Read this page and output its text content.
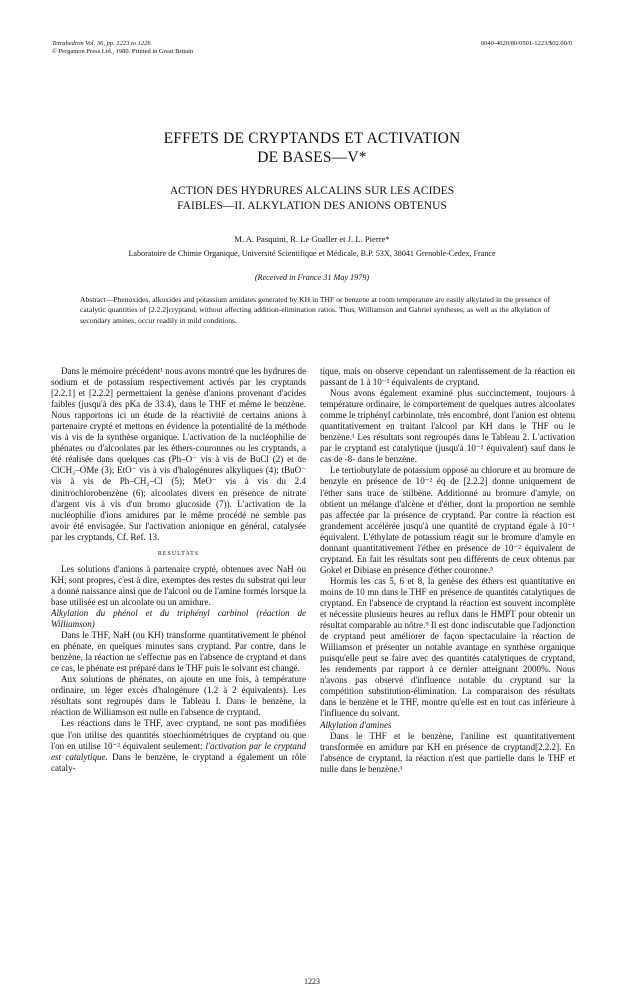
Tetrahedron Vol. 36, pp. 1223 to 1226
© Pergamon Press Ltd., 1980. Printed in Great Britain
0040-4020/80/0501-1223/$02.00/0
EFFETS DE CRYPTANDS ET ACTIVATION
DE BASES—V*
ACTION DES HYDRURES ALCALINS SUR LES ACIDES
FAIBLES—II. ALKYLATION DES ANIONS OBTENUS
M. A. Pasquini, R. Le Goaller et J. L. Pierre*
Laboratoire de Chimie Organique, Université Scientifique et Médicale, B.P. 53X, 38041 Grenoble-Cedex, France
(Received in France 31 May 1979)
Abstract—Phenoxides, alkoxides and potassium amidates generated by KH in THF or benzene at room temperature are easily alkylated in the presence of catalytic quantities of [2.2.2]cryptand, without affecting addition-elimination ratios. Thus, Williamson and Gabriel syntheses, as well as the alkylation of secondary amines, occur readily in mild conditions.

Dans le mémoire précédent¹ nous avons montré que les hydrures de sodium et de potassium respectivement activés par les cryptands [2.2.1] et [2.2.2] permettaient la genèse d'anions provenant d'acides faibles (jusqu'à des pKa de 33.4), dans le THF et même le benzène. Nous rapportons ici un étude de la réactivité de certains anions à partenaire crypté et mettons en évidence la potentialité de la méthode vis à vis de la synthèse organique. L'activation de la nucléophilie de phénates ou d'alcoolates par les éthers-couronnes ou les cryptands, a été réalisée dans quelques cas (Ph–O⁻ vis à vis de BuCl (2) et de ClCH₂–OMe (3); EtO⁻ vis à vis d'halogénures alkyliques (4); tBuO⁻ vis à vis de Ph–CH₂–Cl (5); MeO⁻ vis à vis du 2.4 dinitrochlorobenzène (6); alcoolates divers en présence de nitrate d'argent vis à vis d'un bromo glucoside (7)). L'activation de la nucléophilie d'ions amidures par le même procédé ne semble pas avoir été envisagée. Sur l'activation anionique en général, catalysée par les cryptands, Cf. Ref. 13.

RESULTATS

Les solutions d'anions à partenaire crypté, obtenues avec NaH ou KH, sont propres, c'est à dire, exemptes des restes du substrat qui leur a donné naissance ainsi que de l'alcool ou de l'amine formés lorsque la base utilisée est un alcoolate ou un amidure.

Alkylation du phénol et du triphényl carbinol (réaction de Williamson)

Dans le THF, NaH (ou KH) transforme quantitativement le phénol en phénate, en quelques minutes sans cryptand. Par contre, dans le benzène, la réaction ne s'effectue pas en l'absence de cryptand et dans ce cas, le phénate est préparé dans le THF puis le solvant est changé.

Aux solutions de phénates, on ajoute en une fois, à température ordinaire, un léger excès d'halogénure (1.2 à 2 équivalents). Les résultats sont regroupés dans le Tableau I. Dans le benzène, la réaction de Williamson est nulle en l'absence de cryptand.

Les réactions dans le THF, avec cryptand, ne sont pas modifiées que l'on utilise des quantités stoechiométriques de cryptand ou que l'on en utilise 10⁻² équivalent seulement: l'activation par le cryptand est catalytique. Dans le benzène, le cryptand a également un rôle cataly-

tique, mais on observe cependant un ralentissement de la réaction en passant de 1 à 10⁻² équivalents de cryptand.

Nous avons également examiné plus succinctement, toujours à température ordinaire, le comportement de quelques autres alcoolates comme le triphényl carbinolate, très encombré, dont l'anion est obtenu quantitativement en traitant l'alcool par KH dans le THF ou le benzène.¹ Les résultats sont regroupés dans le Tableau 2. L'activation par le cryptand est catalytique (jusqu'à 10⁻² équivalent) sauf dans le cas de -8- dans le benzène.

Le tertiobutylate de potassium opposé au chlorure et au bromure de benzyle en présence de 10⁻² éq de [2.2.2] donne uniquement de l'éther sans trace de stilbène. Additionné au bromure d'amyle, on obtient un mélange d'alcène et d'éther, dont la proportion ne semble pas affectée par la présence de cryptand. Par contre la réaction est grandement accélérée jusqu'à une quantité de cryptand égale à 10⁻¹ équivalent. L'éthylate de potassium réagit sur le bromure d'amyle en donnant quantitativement l'éther en présence de 10⁻² équivalent de cryptand. En fait les résultats sont peu différents de ceux obtenus par Gokel et Dibiase en présence d'éther couronne.⁵

Hormis les cas 5, 6 et 8, la genèse des éthers est quantitative en moins de 10 mn dans le THF en présence de quantités catalytiques de cryptand. En l'absence de cryptand la réaction est souvent incomplète et nécessite plusieurs heures au reflux dans le HMPT pour obtenir un résultat comparable au nôtre.⁹ Il est donc indiscutable que l'adjonction de cryptand peut améliorer de façon spectaculaire la réaction de Williamson et présenter un notable avantage en synthèse organique puisqu'elle peut se faire avec des quantités catalytiques de cryptand, les rendements par rapport à ce dernier atteignant 2000%. Nous n'avons pas observé d'influence notable du cryptand sur la compétition substitution-élimination. La comparaison des résultats dans le benzène et le THF, montre qu'elle est en tout cas inférieure à l'influence du solvant.

Alkylation d'amines

Dans le THF et le benzène, l'aniline est quantitativement transformée en amidure par KH en présence de cryptand[2.2.2]. En l'absence de cryptand, la réaction n'est que partielle dans le THF et nulle dans le benzène.¹

1223
